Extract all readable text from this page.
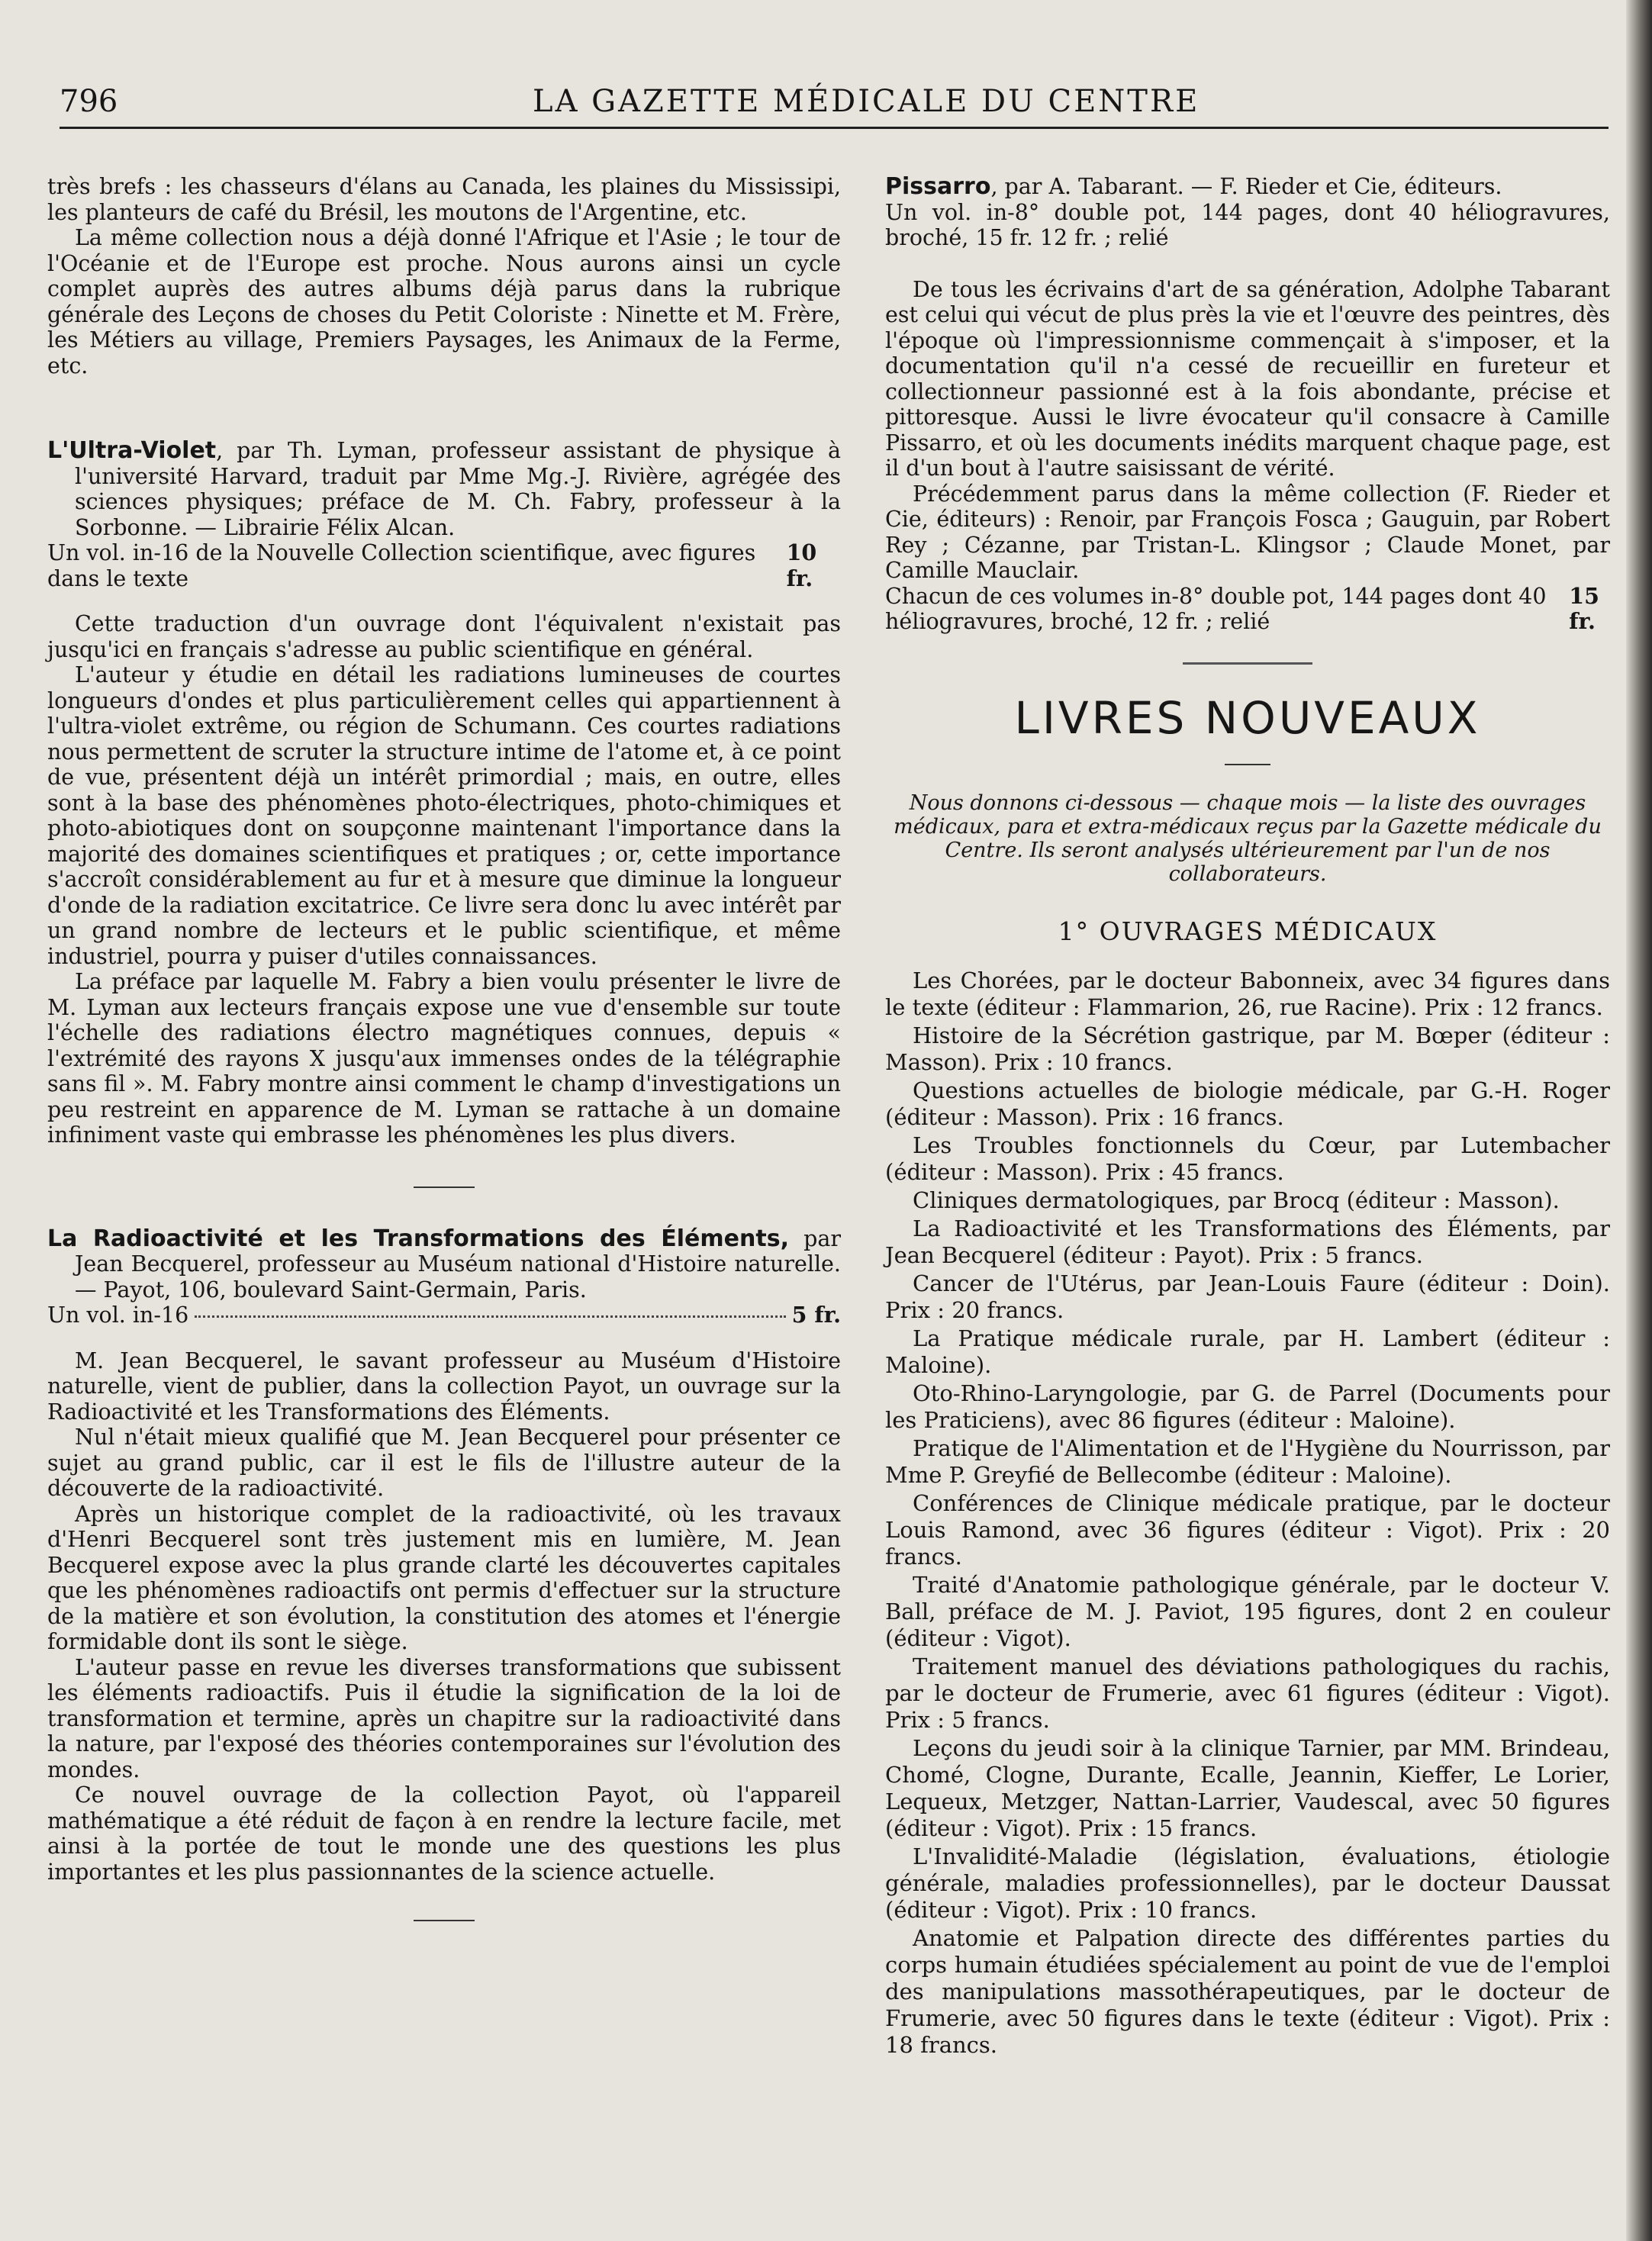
796	LA GAZETTE MÉDICALE DU CENTRE

très brefs : les chasseurs d'élans au Canada, les plaines du Mississipi, les planteurs de café du Brésil, les moutons de l'Argentine, etc.

La même collection nous a déjà donné l'Afrique et l'Asie ; le tour de l'Océanie et de l'Europe est proche. Nous aurons ainsi un cycle complet auprès des autres albums déjà parus dans la rubrique générale des Leçons de choses du Petit Coloriste : Ninette et M. Frère, les Métiers au village, Premiers Paysages, les Animaux de la Ferme, etc.

L'Ultra-Violet, par Th. Lyman, professeur assistant de physique à l'université Harvard, traduit par Mme Mg.-J. Rivière, agrégée des sciences physiques; préface de M. Ch. Fabry, professeur à la Sorbonne. — Librairie Félix Alcan.

Un vol. in-16 de la Nouvelle Collection scientifique, avec figures dans le texte
10 fr.

Cette traduction d'un ouvrage dont l'équivalent n'existait pas jusqu'ici en français s'adresse au public scientifique en général.

L'auteur y étudie en détail les radiations lumineuses de courtes longueurs d'ondes et plus particulièrement celles qui appartiennent à l'ultra-violet extrême, ou région de Schumann. Ces courtes radiations nous permettent de scruter la structure intime de l'atome et, à ce point de vue, présentent déjà un intérêt primordial ; mais, en outre, elles sont à la base des phénomènes photo-électriques, photo-chimiques et photo-abiotiques dont on soupçonne maintenant l'importance dans la majorité des domaines scientifiques et pratiques ; or, cette importance s'accroît considérablement au fur et à mesure que diminue la longueur d'onde de la radiation excitatrice. Ce livre sera donc lu avec intérêt par un grand nombre de lecteurs et le public scientifique, et même industriel, pourra y puiser d'utiles connaissances.

La préface par laquelle M. Fabry a bien voulu présenter le livre de M. Lyman aux lecteurs français expose une vue d'ensemble sur toute l'échelle des radiations électro magnétiques connues, depuis « l'extrémité des rayons X jusqu'aux immenses ondes de la télégraphie sans fil ». M. Fabry montre ainsi comment le champ d'investigations un peu restreint en apparence de M. Lyman se rattache à un domaine infiniment vaste qui embrasse les phénomènes les plus divers.

La Radioactivité et les Transformations des Éléments, par Jean Becquerel, professeur au Muséum national d'Histoire naturelle. — Payot, 106, boulevard Saint-Germain, Paris.

Un vol. in-16	5 fr.

M. Jean Becquerel, le savant professeur au Muséum d'Histoire naturelle, vient de publier, dans la collection Payot, un ouvrage sur la Radioactivité et les Transformations des Éléments.

Nul n'était mieux qualifié que M. Jean Becquerel pour présenter ce sujet au grand public, car il est le fils de l'illustre auteur de la découverte de la radioactivité.

Après un historique complet de la radioactivité, où les travaux d'Henri Becquerel sont très justement mis en lumière, M. Jean Becquerel expose avec la plus grande clarté les découvertes capitales que les phénomènes radioactifs ont permis d'effectuer sur la structure de la matière et son évolution, la constitution des atomes et l'énergie formidable dont ils sont le siège.

L'auteur passe en revue les diverses transformations que subissent les éléments radioactifs. Puis il étudie la signification de la loi de transformation et termine, après un chapitre sur la radioactivité dans la nature, par l'exposé des théories contemporaines sur l'évolution des mondes.

Ce nouvel ouvrage de la collection Payot, où l'appareil mathématique a été réduit de façon à en rendre la lecture facile, met ainsi à la portée de tout le monde une des questions les plus importantes et les plus passionnantes de la science actuelle.

Pissarro, par A. Tabarant. — F. Rieder et Cie, éditeurs.

Un vol. in-8° double pot, 144 pages, dont 40 héliogravures, broché, 15 fr. 12 fr. ; relié

De tous les écrivains d'art de sa génération, Adolphe Tabarant est celui qui vécut de plus près la vie et l'œuvre des peintres, dès l'époque où l'impressionnisme commençait à s'imposer, et la documentation qu'il n'a cessé de recueillir en fureteur et collectionneur passionné est à la fois abondante, précise et pittoresque. Aussi le livre évocateur qu'il consacre à Camille Pissarro, et où les documents inédits marquent chaque page, est il d'un bout à l'autre saisissant de vérité.

Précédemment parus dans la même collection (F. Rieder et Cie, éditeurs) : Renoir, par François Fosca ; Gauguin, par Robert Rey ; Cézanne, par Tristan-L. Klingsor ; Claude Monet, par Camille Mauclair.

Chacun de ces volumes in-8° double pot, 144 pages dont 40 héliogravures, broché, 12 fr. ; relié
15 fr.
LIVRES NOUVEAUX

Nous donnons ci-dessous — chaque mois — la liste des ouvrages médicaux, para et extra-médicaux reçus par la Gazette médicale du Centre. Ils seront analysés ultérieurement par l'un de nos collaborateurs.

1° OUVRAGES MÉDICAUX

Les Chorées, par le docteur Babonneix, avec 34 figures dans le texte (éditeur : Flammarion, 26, rue Racine). Prix : 12 francs.

Histoire de la Sécrétion gastrique, par M. Bœper (éditeur : Masson). Prix : 10 francs.

Questions actuelles de biologie médicale, par G.-H. Roger (éditeur : Masson). Prix : 16 francs.

Les Troubles fonctionnels du Cœur, par Lutembacher (éditeur : Masson). Prix : 45 francs.

Cliniques dermatologiques, par Brocq (éditeur : Masson).

La Radioactivité et les Transformations des Éléments, par Jean Becquerel (éditeur : Payot). Prix : 5 francs.

Cancer de l'Utérus, par Jean-Louis Faure (éditeur : Doin). Prix : 20 francs.

La Pratique médicale rurale, par H. Lambert (éditeur : Maloine).

Oto-Rhino-Laryngologie, par G. de Parrel (Documents pour les Praticiens), avec 86 figures (éditeur : Maloine).

Pratique de l'Alimentation et de l'Hygiène du Nourrisson, par Mme P. Greyfié de Bellecombe (éditeur : Maloine).

Conférences de Clinique médicale pratique, par le docteur Louis Ramond, avec 36 figures (éditeur : Vigot). Prix : 20 francs.

Traité d'Anatomie pathologique générale, par le docteur V. Ball, préface de M. J. Paviot, 195 figures, dont 2 en couleur (éditeur : Vigot).

Traitement manuel des déviations pathologiques du rachis, par le docteur de Frumerie, avec 61 figures (éditeur : Vigot). Prix : 5 francs.

Leçons du jeudi soir à la clinique Tarnier, par MM. Brindeau, Chomé, Clogne, Durante, Ecalle, Jeannin, Kieffer, Le Lorier, Lequeux, Metzger, Nattan-Larrier, Vaudescal, avec 50 figures (éditeur : Vigot). Prix : 15 francs.

L'Invalidité-Maladie (législation, évaluations, étiologie générale, maladies professionnelles), par le docteur Daussat (éditeur : Vigot). Prix : 10 francs.

Anatomie et Palpation directe des différentes parties du corps humain étudiées spécialement au point de vue de l'emploi des manipulations massothérapeutiques, par le docteur de Frumerie, avec 50 figures dans le texte (éditeur : Vigot). Prix : 18 francs.
